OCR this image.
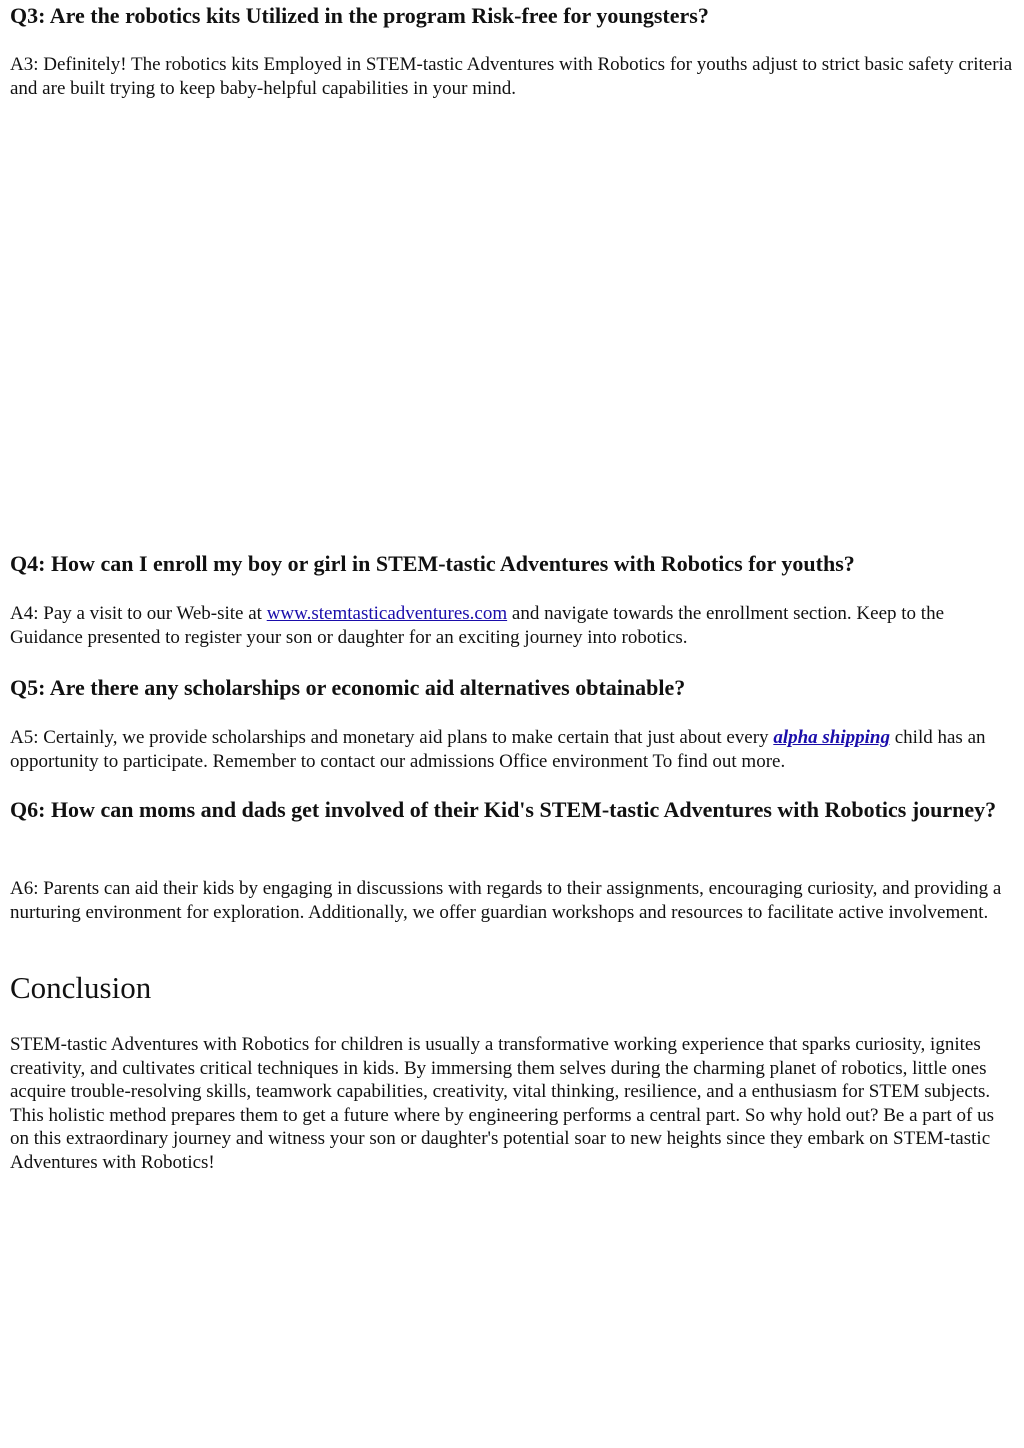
Q3: Are the robotics kits Utilized in the program Risk-free for youngsters?

A3: Definitely! The robotics kits Employed in STEM-tastic Adventures with Robotics for youths adjust to strict basic safety criteria and are built trying to keep baby-helpful capabilities in your mind.

Q4: How can I enroll my boy or girl in STEM-tastic Adventures with Robotics for youths?

A4: Pay a visit to our Web-site at www.stemtasticadventures.com and navigate towards the enrollment section. Keep to the Guidance presented to register your son or daughter for an exciting journey into robotics.

Q5: Are there any scholarships or economic aid alternatives obtainable?

A5: Certainly, we provide scholarships and monetary aid plans to make certain that just about every alpha shipping child has an opportunity to participate. Remember to contact our admissions Office environment To find out more.

Q6: How can moms and dads get involved of their Kid's STEM-tastic Adventures with Robotics journey?

A6: Parents can aid their kids by engaging in discussions with regards to their assignments, encouraging curiosity, and providing a nurturing environment for exploration. Additionally, we offer guardian workshops and resources to facilitate active involvement.

Conclusion

STEM-tastic Adventures with Robotics for children is usually a transformative working experience that sparks curiosity, ignites creativity, and cultivates critical techniques in kids. By immersing them selves during the charming planet of robotics, little ones acquire trouble-resolving skills, teamwork capabilities, creativity, vital thinking, resilience, and a enthusiasm for STEM subjects. This holistic method prepares them to get a future where by engineering performs a central part. So why hold out? Be a part of us on this extraordinary journey and witness your son or daughter's potential soar to new heights since they embark on STEM-tastic Adventures with Robotics!
